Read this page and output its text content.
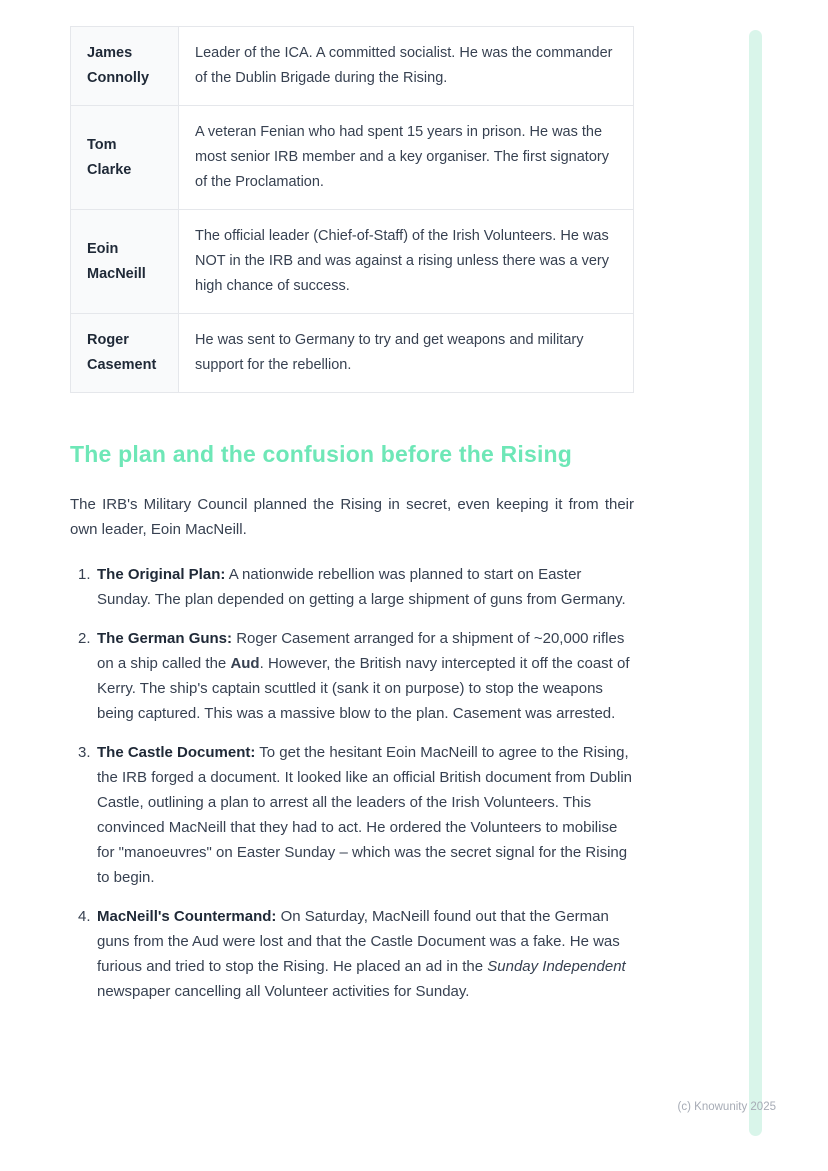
James Connolly	Leader of the ICA. A committed socialist. He was the commander of the Dublin Brigade during the Rising.
Tom Clarke	A veteran Fenian who had spent 15 years in prison. He was the most senior IRB member and a key organiser. The first signatory of the Proclamation.
Eoin MacNeill	The official leader (Chief-of-Staff) of the Irish Volunteers. He was NOT in the IRB and was against a rising unless there was a very high chance of success.
Roger Casement	He was sent to Germany to try and get weapons and military support for the rebellion.
The plan and the confusion before the Rising

The IRB's Military Council planned the Rising in secret, even keeping it from their own leader, Eoin MacNeill.

1. The Original Plan: A nationwide rebellion was planned to start on Easter Sunday. The plan depended on getting a large shipment of guns from Germany.
2. The German Guns: Roger Casement arranged for a shipment of ~20,000 rifles on a ship called the Aud. However, the British navy intercepted it off the coast of Kerry. The ship's captain scuttled it (sank it on purpose) to stop the weapons being captured. This was a massive blow to the plan. Casement was arrested.
3. The Castle Document: To get the hesitant Eoin MacNeill to agree to the Rising, the IRB forged a document. It looked like an official British document from Dublin Castle, outlining a plan to arrest all the leaders of the Irish Volunteers. This convinced MacNeill that they had to act. He ordered the Volunteers to mobilise for "manoeuvres" on Easter Sunday – which was the secret signal for the Rising to begin.
4. MacNeill's Countermand: On Saturday, MacNeill found out that the German guns from the Aud were lost and that the Castle Document was a fake. He was furious and tried to stop the Rising. He placed an ad in the Sunday Independent newspaper cancelling all Volunteer activities for Sunday.
(c) Knowunity 2025
